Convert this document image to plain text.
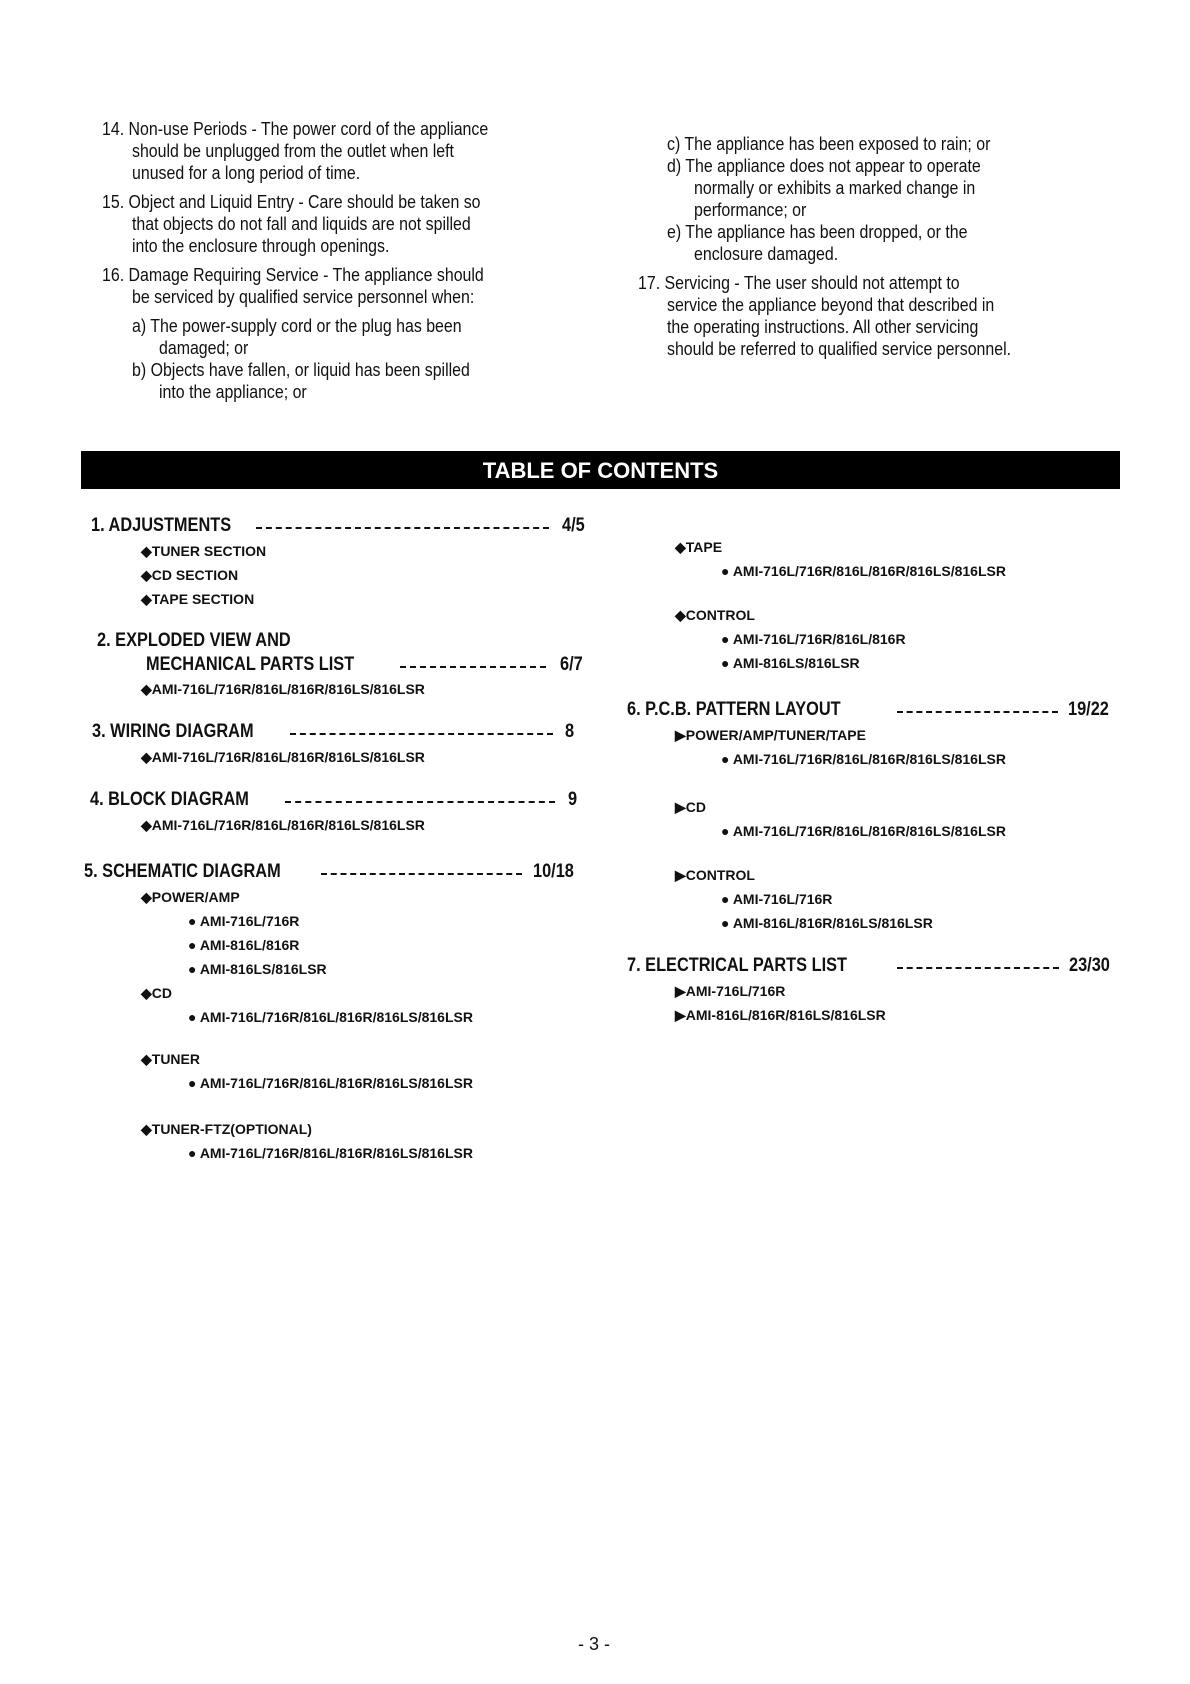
14. Non-use Periods - The power cord of the appliance
should be unplugged from the outlet when left
unused for a long period of time.
15. Object and Liquid Entry - Care should be taken so
that objects do not fall and liquids are not spilled
into the enclosure through openings.
16. Damage Requiring Service - The appliance should
be serviced by qualified service personnel when:
a) The power-supply cord or the plug has been
damaged; or
b) Objects have fallen, or liquid has been spilled
into the appliance; or
c) The appliance has been exposed to rain; or
d) The appliance does not appear to operate
normally or exhibits a marked change in
performance; or
e) The appliance has been dropped, or the
enclosure damaged.
17. Servicing - The user should not attempt to
service the appliance beyond that described in
the operating instructions. All other servicing
should be referred to qualified service personnel.
TABLE OF CONTENTS
1. ADJUSTMENTS	4/5
◆TUNER SECTION
◆CD SECTION
◆TAPE SECTION
2. EXPLODED VIEW AND
MECHANICAL PARTS LIST	6/7
◆AMI-716L/716R/816L/816R/816LS/816LSR
3. WIRING DIAGRAM	8
◆AMI-716L/716R/816L/816R/816LS/816LSR
4. BLOCK DIAGRAM	9
◆AMI-716L/716R/816L/816R/816LS/816LSR
5. SCHEMATIC DIAGRAM	10/18
◆POWER/AMP
● AMI-716L/716R
● AMI-816L/816R
● AMI-816LS/816LSR
◆CD
● AMI-716L/716R/816L/816R/816LS/816LSR
◆TUNER
● AMI-716L/716R/816L/816R/816LS/816LSR
◆TUNER-FTZ(OPTIONAL)
● AMI-716L/716R/816L/816R/816LS/816LSR
◆TAPE
● AMI-716L/716R/816L/816R/816LS/816LSR
◆CONTROL
● AMI-716L/716R/816L/816R
● AMI-816LS/816LSR
6. P.C.B. PATTERN LAYOUT	19/22
▶POWER/AMP/TUNER/TAPE
● AMI-716L/716R/816L/816R/816LS/816LSR
▶CD
● AMI-716L/716R/816L/816R/816LS/816LSR
▶CONTROL
● AMI-716L/716R
● AMI-816L/816R/816LS/816LSR
7. ELECTRICAL PARTS LIST	23/30
▶AMI-716L/716R
▶AMI-816L/816R/816LS/816LSR
- 3 -
